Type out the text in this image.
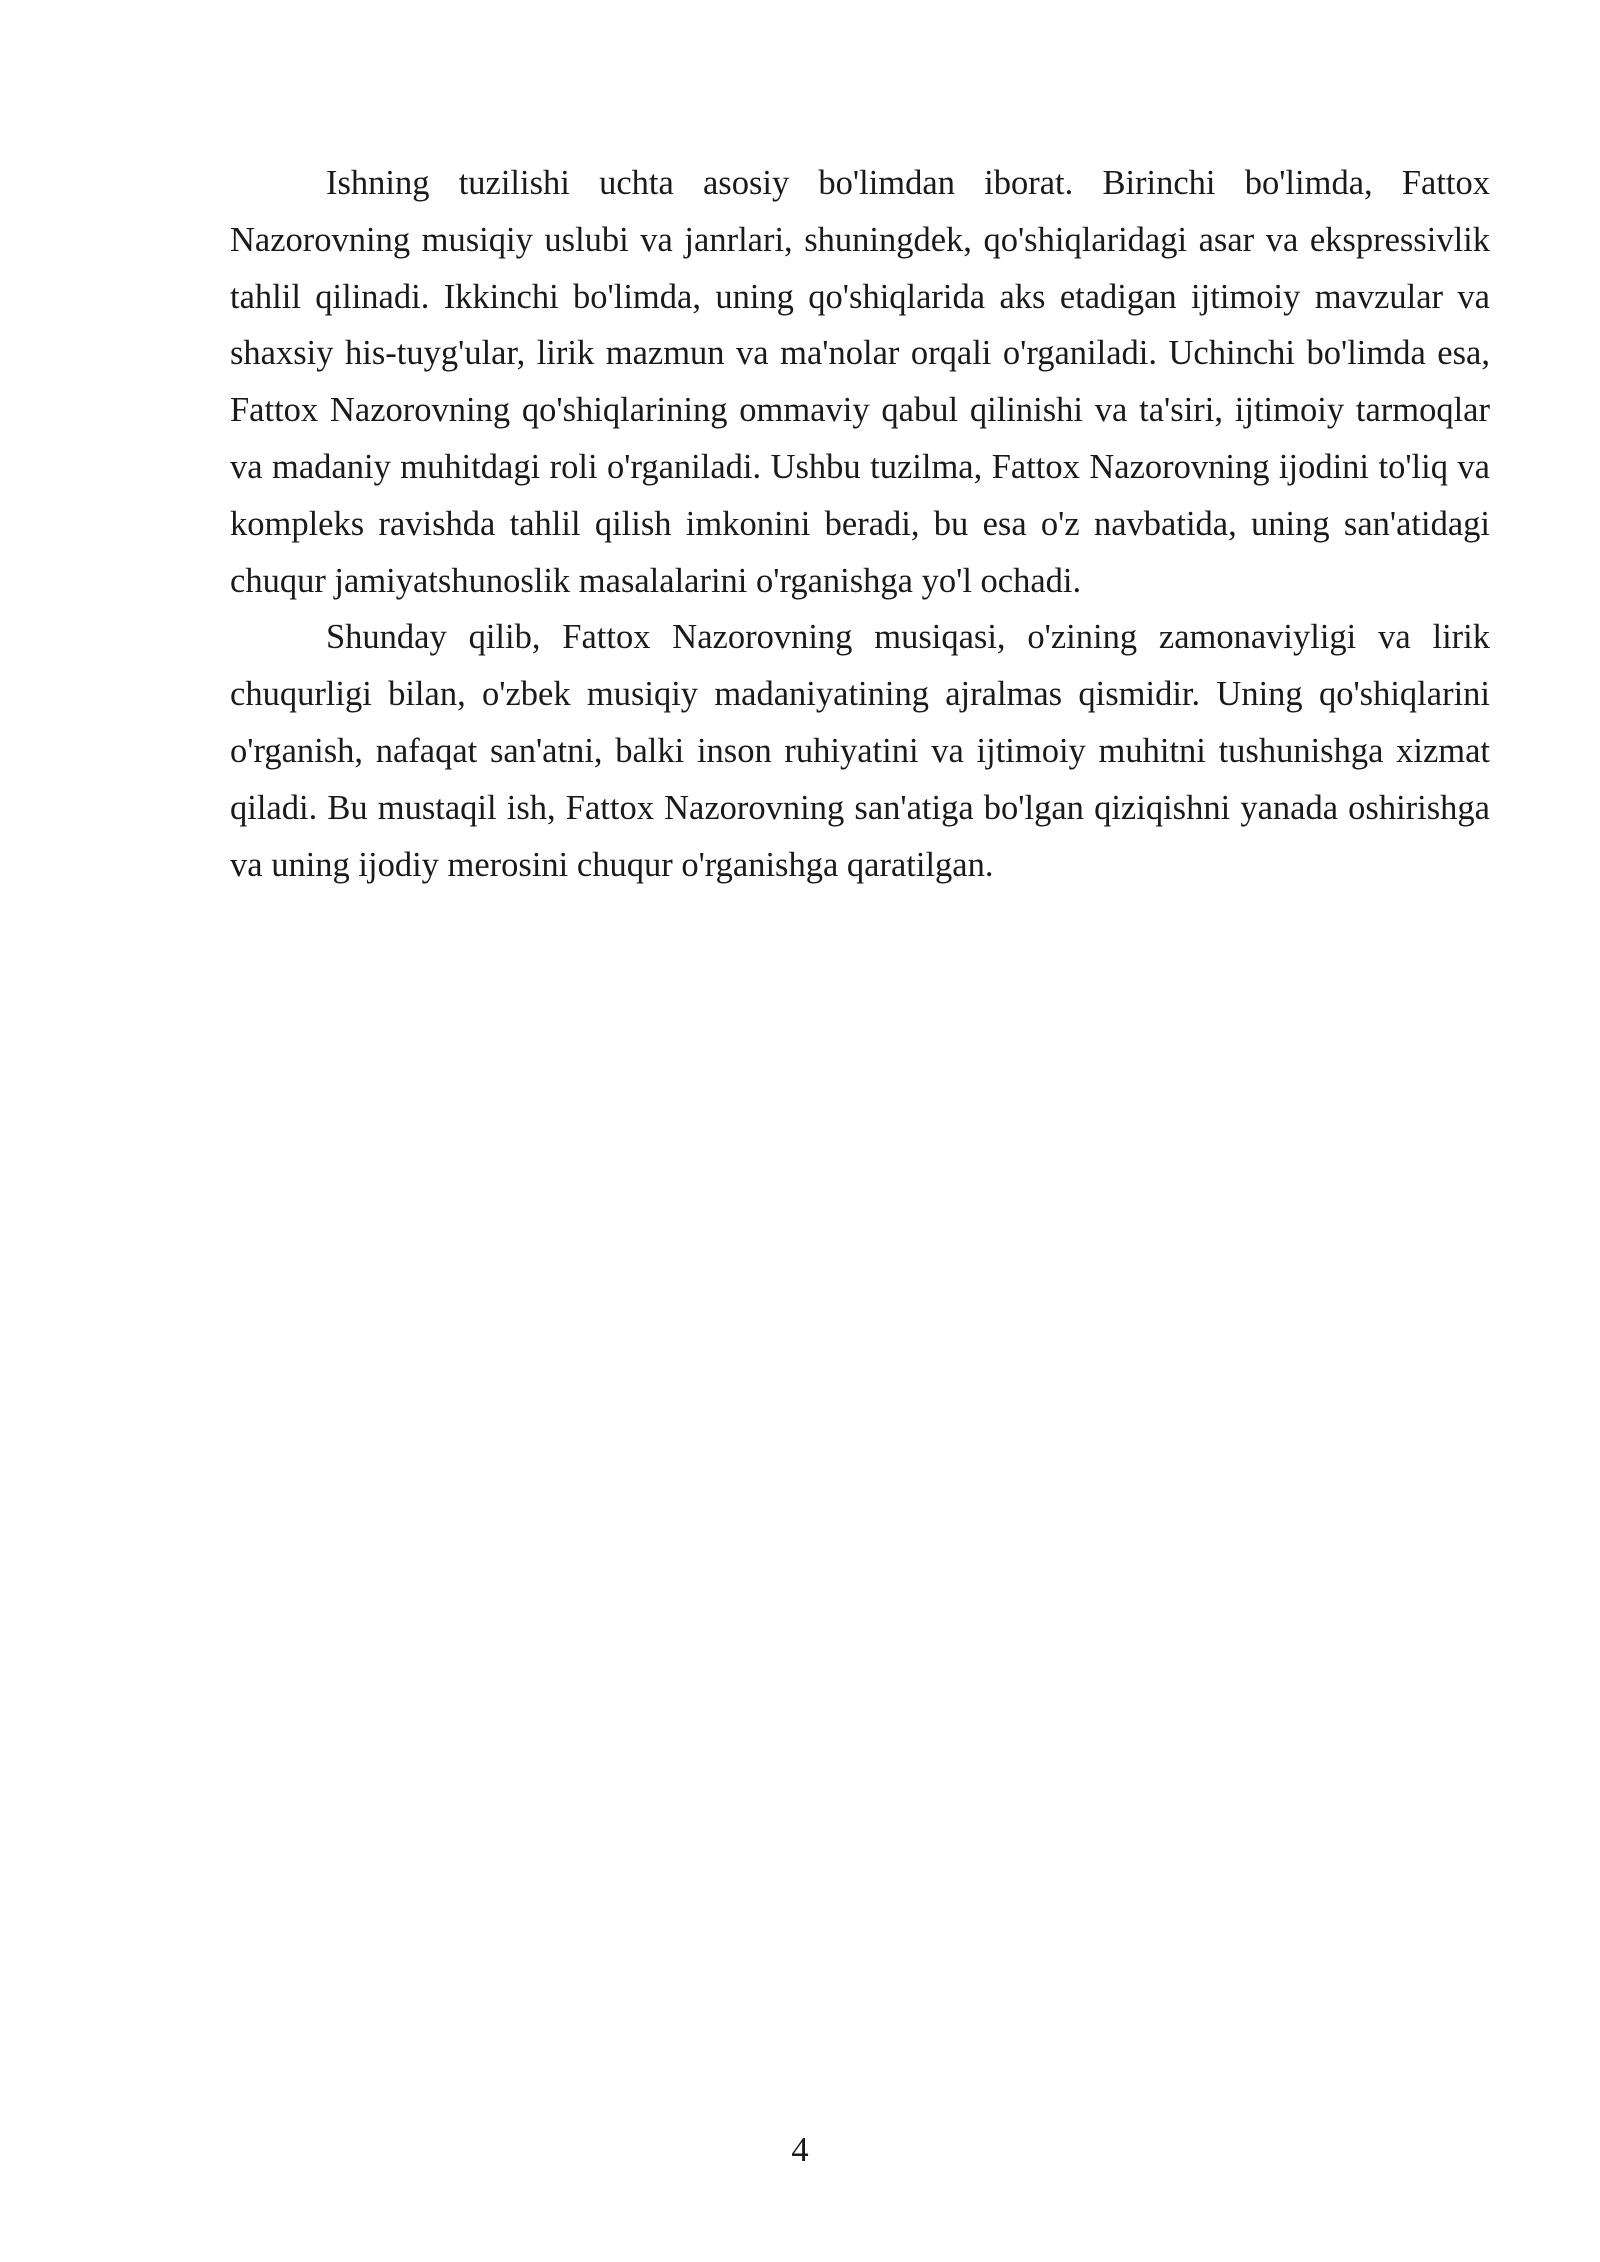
Ishning tuzilishi uchta asosiy bo'limdan iborat. Birinchi bo'limda, Fattox Nazorovning musiqiy uslubi va janrlari, shuningdek, qo'shiqlaridagi asar va ekspressivlik tahlil qilinadi. Ikkinchi bo'limda, uning qo'shiqlarida aks etadigan ijtimoiy mavzular va shaxsiy his-tuyg'ular, lirik mazmun va ma'nolar orqali o'rganiladi. Uchinchi bo'limda esa, Fattox Nazorovning qo'shiqlarining ommaviy qabul qilinishi va ta'siri, ijtimoiy tarmoqlar va madaniy muhitdagi roli o'rganiladi. Ushbu tuzilma, Fattox Nazorovning ijodini to'liq va kompleks ravishda tahlil qilish imkonini beradi, bu esa o'z navbatida, uning san'atidagi chuqur jamiyatshunoslik masalalarini o'rganishga yo'l ochadi.

Shunday qilib, Fattox Nazorovning musiqasi, o'zining zamonaviyligi va lirik chuqurligi bilan, o'zbek musiqiy madaniyatining ajralmas qismidir. Uning qo'shiqlarini o'rganish, nafaqat san'atni, balki inson ruhiyatini va ijtimoiy muhitni tushunishga xizmat qiladi. Bu mustaqil ish, Fattox Nazorovning san'atiga bo'lgan qiziqishni yanada oshirishga va uning ijodiy merosini chuqur o'rganishga qaratilgan.

4
